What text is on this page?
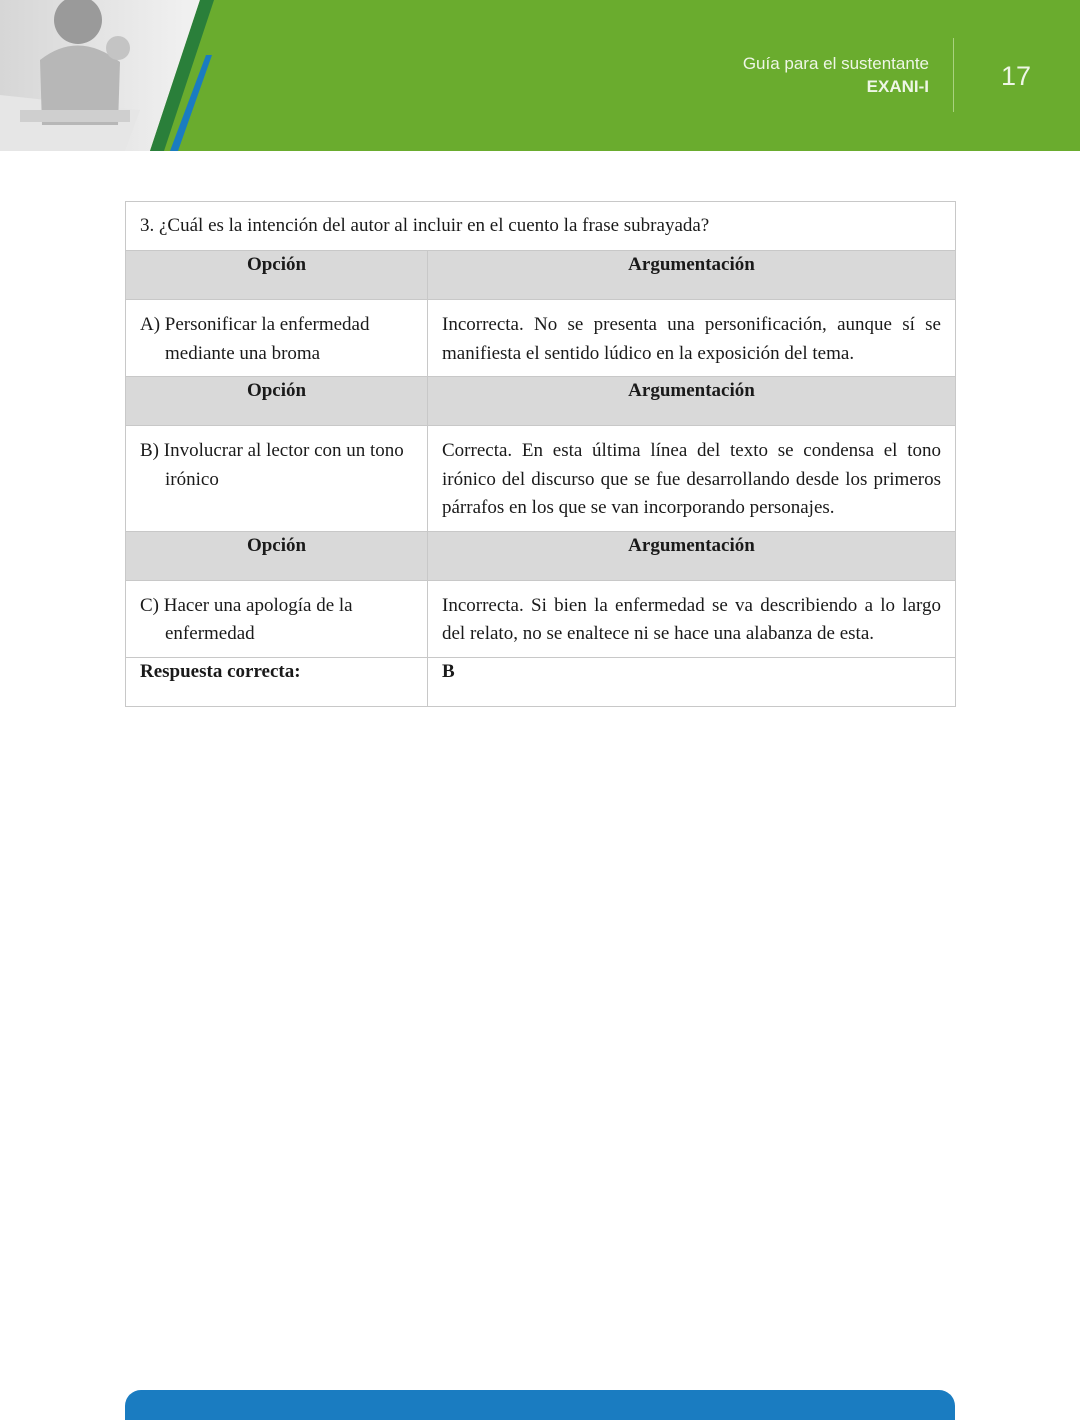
Guía para el sustentante
EXANI-I	17
3. ¿Cuál es la intención del autor al incluir en el cuento la frase subrayada?	
Opción	Argumentación

A) Personificar la enfermedad mediante una broma	Incorrecta. No se presenta una personificación, aunque sí se manifiesta el sentido lúdico en la exposición del tema.
Opción	Argumentación

B) Involucrar al lector con un tono irónico	Correcta. En esta última línea del texto se condensa el tono irónico del discurso que se fue desarrollando desde los primeros párrafos en los que se van incorporando personajes.
Opción	Argumentación

C) Hacer una apología de la enfermedad	Incorrecta. Si bien la enfermedad se va describiendo a lo largo del relato, no se enaltece ni se hace una alabanza de esta.
Respuesta correcta:	B
